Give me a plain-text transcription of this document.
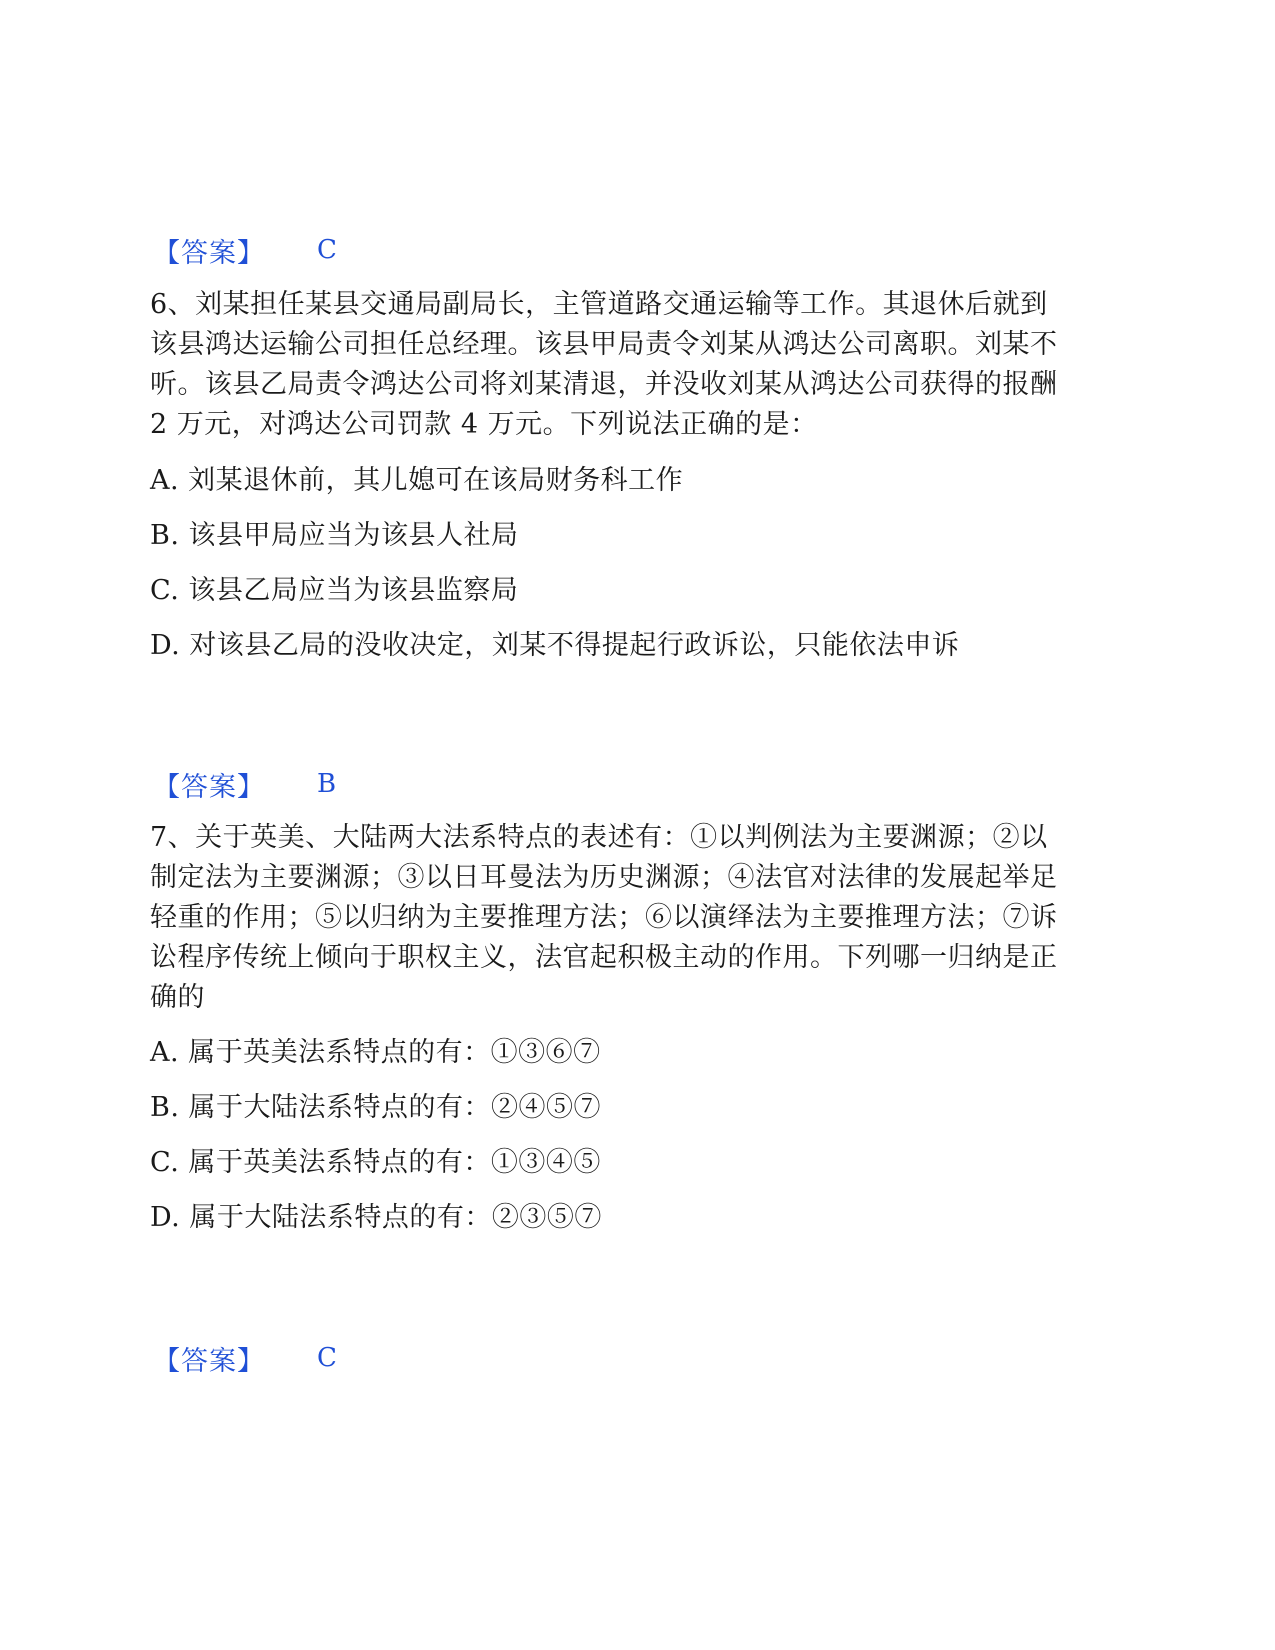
【答案】 C

6、刘某担任某县交通局副局长，主管道路交通运输等工作。其退休后就到

该县鸿达运输公司担任总经理。该县甲局责令刘某从鸿达公司离职。刘某不

听。该县乙局责令鸿达公司将刘某清退，并没收刘某从鸿达公司获得的报酬

2 万元，对鸿达公司罚款 4 万元。下列说法正确的是：

A. 刘某退休前，其儿媳可在该局财务科工作

B. 该县甲局应当为该县人社局

C. 该县乙局应当为该县监察局

D. 对该县乙局的没收决定，刘某不得提起行政诉讼，只能依法申诉

【答案】 B

7、关于英美、大陆两大法系特点的表述有：①以判例法为主要渊源；②以

制定法为主要渊源；③以日耳曼法为历史渊源；④法官对法律的发展起举足

轻重的作用；⑤以归纳为主要推理方法；⑥以演绎法为主要推理方法；⑦诉

讼程序传统上倾向于职权主义，法官起积极主动的作用。下列哪一归纳是正

确的

A. 属于英美法系特点的有：①③⑥⑦

B. 属于大陆法系特点的有：②④⑤⑦

C. 属于英美法系特点的有：①③④⑤

D. 属于大陆法系特点的有：②③⑤⑦

【答案】 C
